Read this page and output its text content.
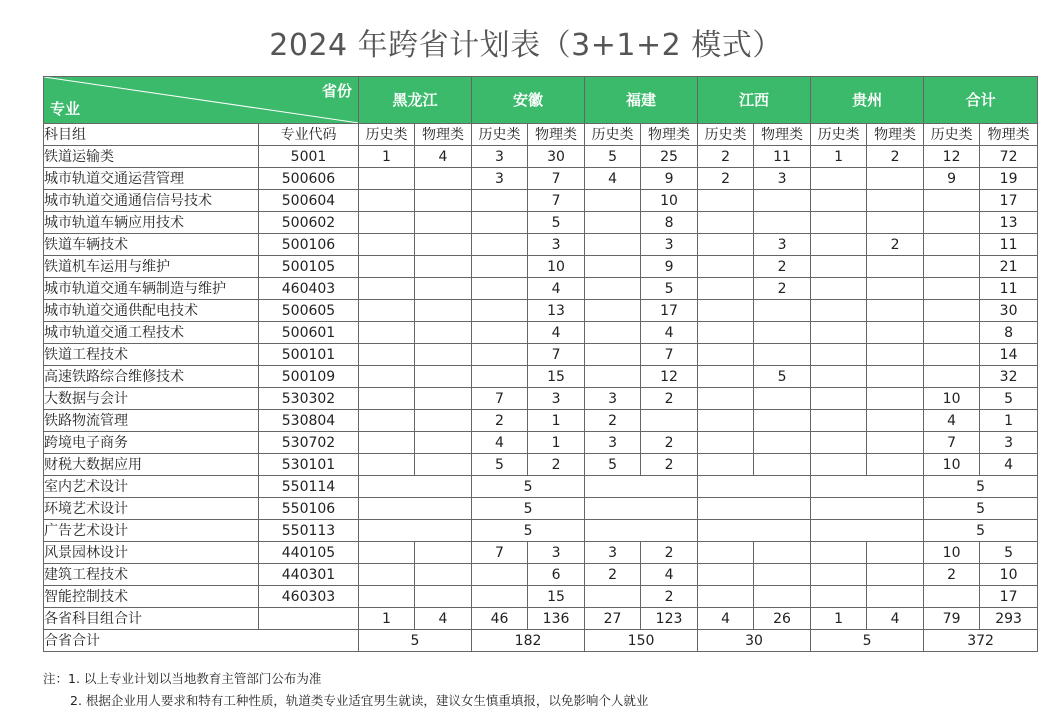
2024 年跨省计划表（3+1+2 模式）
省份
专业		黑龙江		安徽		福建		江西		贵州		合计	
科目组	专业代码	历史类	物理类	历史类	物理类	历史类	物理类	历史类	物理类	历史类	物理类	历史类	物理类
铁道运输类	5001	1	4	3	30	5	25	2	11	1	2	12	72
城市轨道交通运营管理	500606			3	7	4	9	2	3			9	19
城市轨道交通通信信号技术	500604				7		10						17
城市轨道车辆应用技术	500602				5		8						13
铁道车辆技术	500106				3		3		3		2		11
铁道机车运用与维护	500105				10		9		2				21
城市轨道交通车辆制造与维护	460403				4		5		2				11
城市轨道交通供配电技术	500605				13		17						30
城市轨道交通工程技术	500601				4		4						8
铁道工程技术	500101				7		7						14
高速铁路综合维修技术	500109				15		12		5				32
大数据与会计	530302			7	3	3	2					10	5
铁路物流管理	530804			2	1	2						4	1
跨境电子商务	530702			4	1	3	2					7	3
财税大数据应用	530101			5	2	5	2					10	4
室内艺术设计	550114			5								5	
环境艺术设计	550106			5								5	
广告艺术设计	550113			5								5	
风景园林设计	440105			7	3	3	2					10	5
建筑工程技术	440301				6	2	4					2	10
智能控制技术	460303				15		2						17
各省科目组合计		1	4	46	136	27	123	4	26	1	4	79	293
合省合计		5		182		150		30		5		372	
注：1. 以上专业计划以当地教育主管部门公布为准
2. 根据企业用人要求和特有工种性质，轨道类专业适宜男生就读，建议女生慎重填报，以免影响个人就业
